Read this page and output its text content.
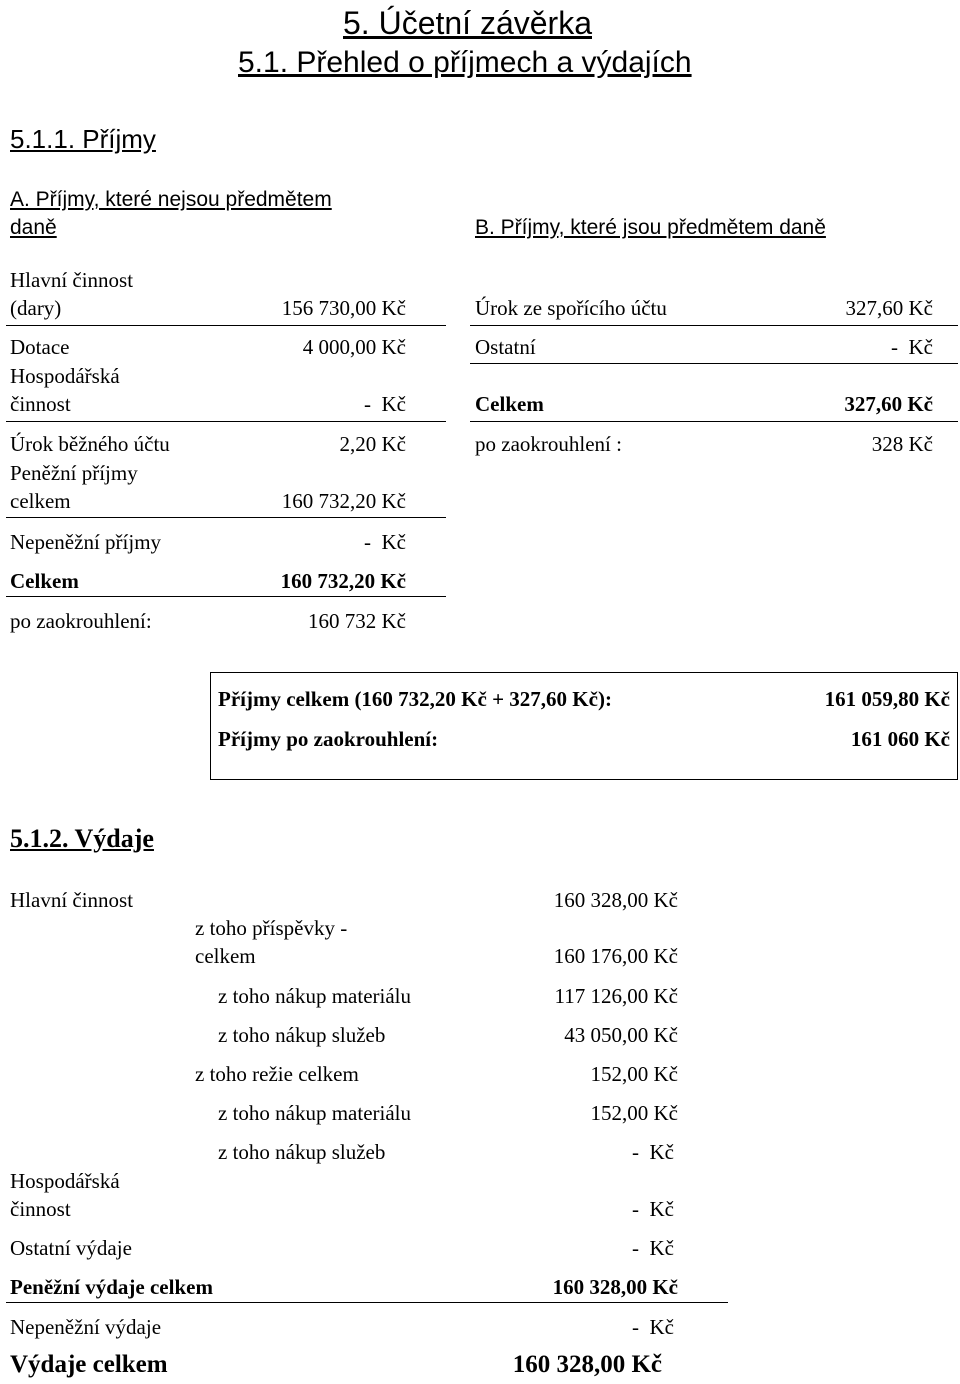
5. Účetní závěrka
5.1. Přehled o příjmech a výdajích
5.1.1. Příjmy
A. Příjmy, které nejsou předmětem
daně	B. Příjmy, které jsou předmětem daně
Hlavní činnost
(dary)	156 730,00 Kč
Dotace	4 000,00 Kč
Hospodářská
činnost	-  Kč
Úrok běžného účtu	2,20 Kč
Peněžní příjmy
celkem	160 732,20 Kč
Nepeněžní příjmy	-  Kč
Celkem	160 732,20 Kč
po zaokrouhlení:	160 732 Kč
Úrok ze spořícího účtu	327,60 Kč
Ostatní	-  Kč
Celkem	327,60 Kč
po zaokrouhlení :	328 Kč
Příjmy celkem (160 732,20 Kč + 327,60 Kč):	161 059,80 Kč
Příjmy po zaokrouhlení:	161 060 Kč
5.1.2. Výdaje
Hlavní činnost	160 328,00 Kč
z toho příspěvky -
celkem	160 176,00 Kč
z toho nákup materiálu	117 126,00 Kč
z toho nákup služeb	43 050,00 Kč
z toho režie celkem	152,00 Kč
z toho nákup materiálu	152,00 Kč
z toho nákup služeb	-  Kč
Hospodářská
činnost	-  Kč
Ostatní výdaje	-  Kč
Peněžní výdaje celkem	160 328,00 Kč
Nepeněžní výdaje	-  Kč
Výdaje celkem	160 328,00 Kč
